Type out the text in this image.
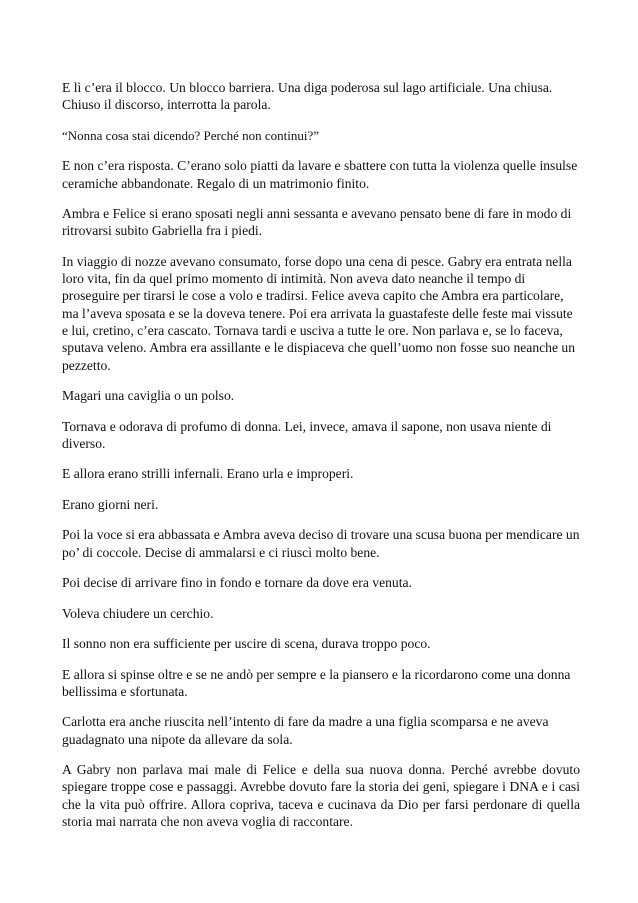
E lì c’era il blocco. Un blocco barriera. Una diga poderosa sul lago artificiale. Una chiusa. Chiuso il discorso, interrotta la parola.

“Nonna cosa stai dicendo? Perché non continui?”

E non c’era risposta. C’erano solo piatti da lavare e sbattere con tutta la violenza quelle insulse ceramiche abbandonate. Regalo di un matrimonio finito.

Ambra e Felice si erano sposati negli anni sessanta e avevano pensato bene di fare in modo di ritrovarsi subito Gabriella fra i piedi.

In viaggio di nozze avevano consumato, forse dopo una cena di pesce. Gabry era entrata nella loro vita, fin da quel primo momento di intimità. Non aveva dato neanche il tempo di proseguire per tirarsi le cose a volo e tradirsi. Felice aveva capito che Ambra era particolare, ma l’aveva sposata e se la doveva tenere. Poi era arrivata la guastafeste delle feste mai vissute e lui, cretino, c’era cascato. Tornava tardi e usciva a tutte le ore. Non parlava e, se lo faceva, sputava veleno. Ambra era assillante e le dispiaceva che quell’uomo non fosse suo neanche un pezzetto.

Magari una caviglia o un polso.

Tornava e odorava di profumo di donna. Lei, invece, amava il sapone, non usava niente di diverso.

E allora erano strilli infernali. Erano urla e improperi.

Erano giorni neri.

Poi la voce si era abbassata e Ambra aveva deciso di trovare una scusa buona per mendicare un po’ di coccole. Decise di ammalarsi e ci riuscì molto bene.

Poi decise di arrivare fino in fondo e tornare da dove era venuta.

Voleva chiudere un cerchio.

Il sonno non era sufficiente per uscire di scena, durava troppo poco.

E allora si spinse oltre e se ne andò per sempre e la piansero e la ricordarono come una donna bellissima e sfortunata.

Carlotta era anche riuscita nell’intento di fare da madre a una figlia scomparsa e ne aveva guadagnato una nipote da allevare da sola.

A Gabry non parlava mai male di Felice e della sua nuova donna. Perché avrebbe dovuto spiegare troppe cose e passaggi. Avrebbe dovuto fare la storia dei geni, spiegare i DNA e i casi che la vita può offrire. Allora copriva, taceva e cucinava da Dio per farsi perdonare di quella storia mai narrata che non aveva voglia di raccontare.
